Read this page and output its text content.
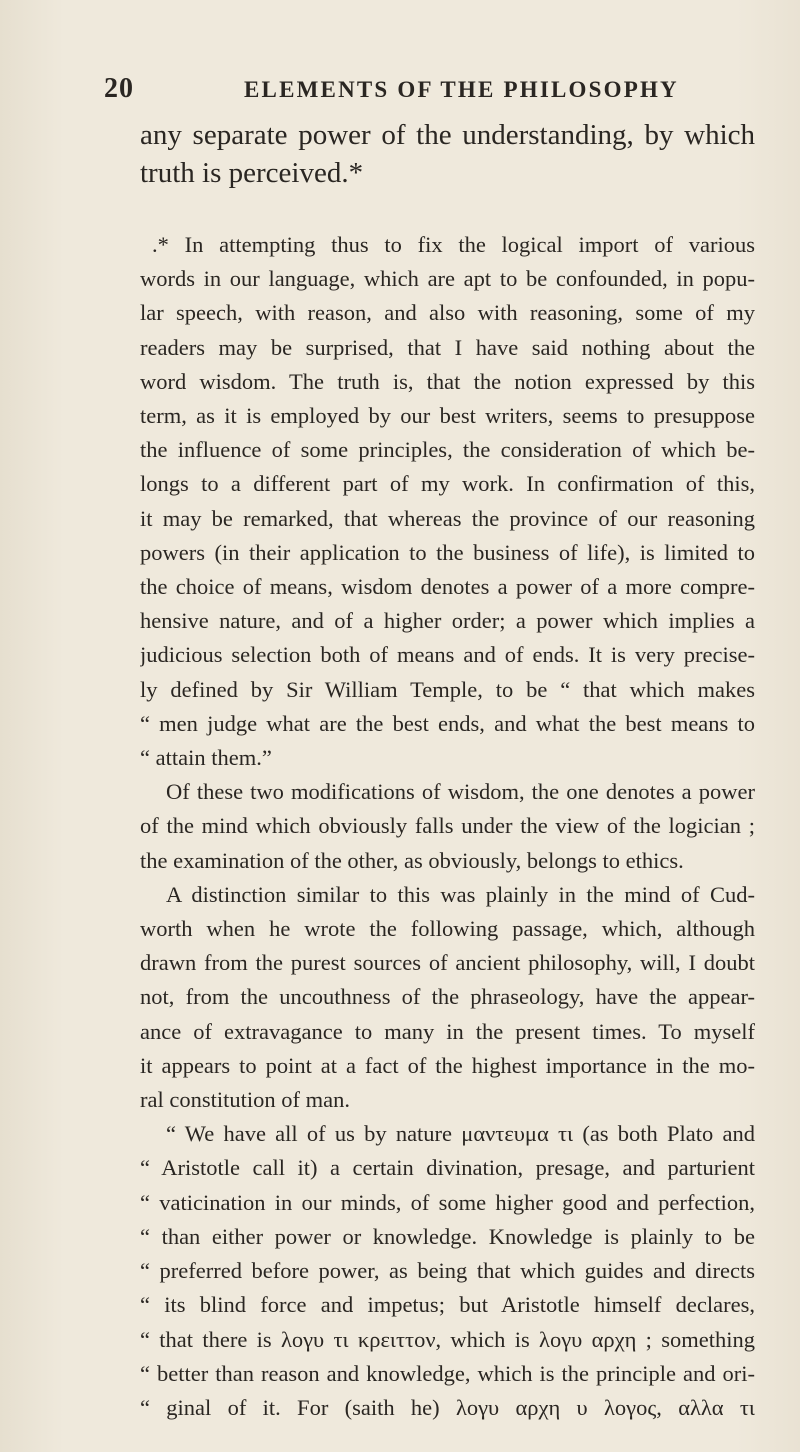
20	ELEMENTS OF THE PHILOSOPHY
any separate power of the understanding, by which
truth is perceived.*
.* In attempting thus to fix the logical import of various
words in our language, which are apt to be confounded, in popu-
lar speech, with reason, and also with reasoning, some of my
readers may be surprised, that I have said nothing about the
word wisdom. The truth is, that the notion expressed by this
term, as it is employed by our best writers, seems to presuppose
the influence of some principles, the consideration of which be-
longs to a different part of my work. In confirmation of this,
it may be remarked, that whereas the province of our reasoning
powers (in their application to the business of life), is limited to
the choice of means, wisdom denotes a power of a more compre-
hensive nature, and of a higher order; a power which implies a
judicious selection both of means and of ends. It is very precise-
ly defined by Sir William Temple, to be “ that which makes
“ men judge what are the best ends, and what the best means to
“ attain them.”
Of these two modifications of wisdom, the one denotes a power
of the mind which obviously falls under the view of the logician ;
the examination of the other, as obviously, belongs to ethics.
A distinction similar to this was plainly in the mind of Cud-
worth when he wrote the following passage, which, although
drawn from the purest sources of ancient philosophy, will, I doubt
not, from the uncouthness of the phraseology, have the appear-
ance of extravagance to many in the present times. To myself
it appears to point at a fact of the highest importance in the mo-
ral constitution of man.
“ We have all of us by nature μαντευμα τι (as both Plato and
“ Aristotle call it) a certain divination, presage, and parturient
“ vaticination in our minds, of some higher good and perfection,
“ than either power or knowledge. Knowledge is plainly to be
“ preferred before power, as being that which guides and directs
“ its blind force and impetus; but Aristotle himself declares,
“ that there is λογυ τι κρειττον, which is λογυ αρχη ; something
“ better than reason and knowledge, which is the principle and ori-
“ ginal of it. For (saith he) λογυ αρχη υ λογος, αλλα τι
